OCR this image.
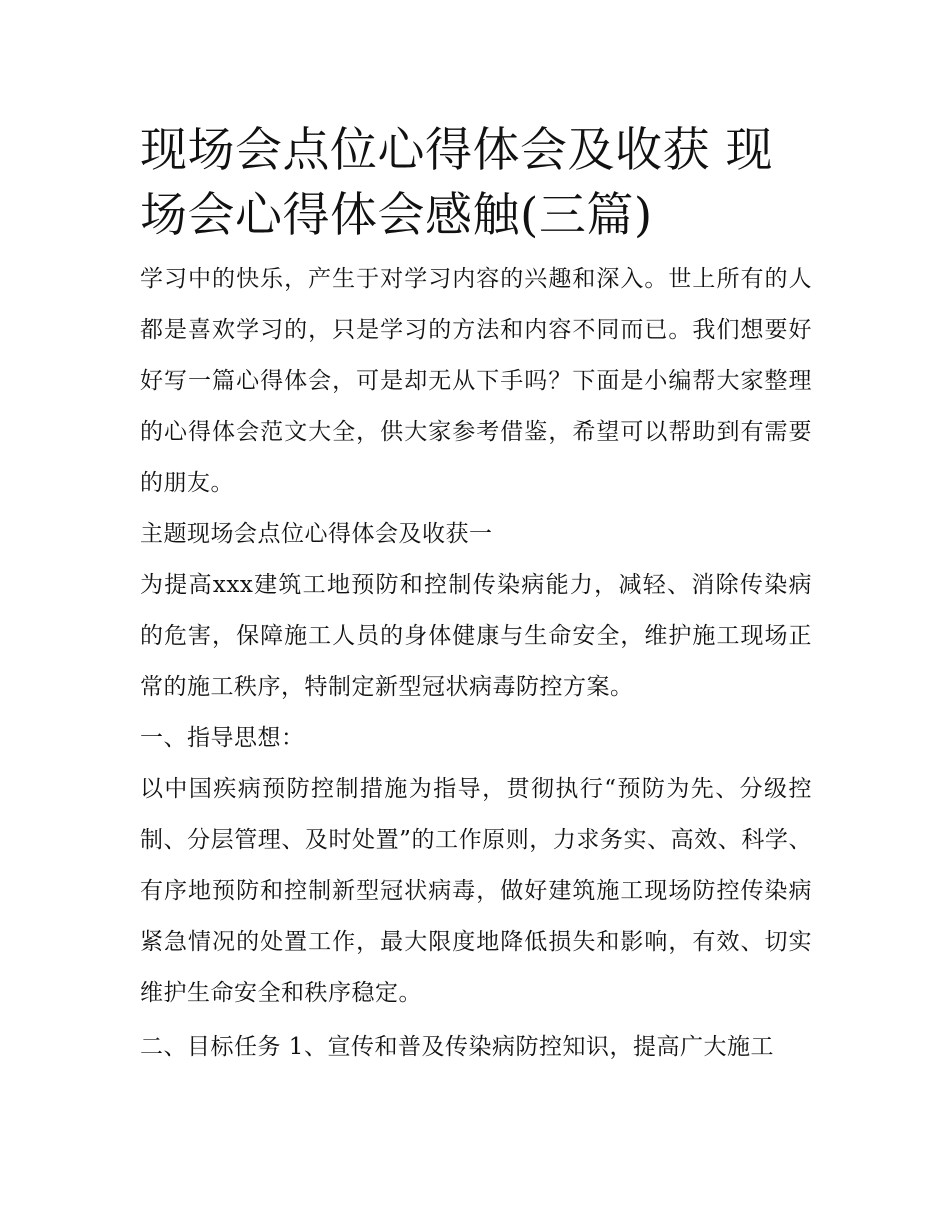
现场会点位心得体会及收获 现场会心得体会感触(三篇)

学习中的快乐，产生于对学习内容的兴趣和深入。世上所有的人都是喜欢学习的，只是学习的方法和内容不同而已。我们想要好好写一篇心得体会，可是却无从下手吗？下面是小编帮大家整理的心得体会范文大全，供大家参考借鉴，希望可以帮助到有需要的朋友。

主题现场会点位心得体会及收获一

为提高xxx建筑工地预防和控制传染病能力，减轻、消除传染病的危害，保障施工人员的身体健康与生命安全，维护施工现场正常的施工秩序，特制定新型冠状病毒防控方案。

一、指导思想：

以中国疾病预防控制措施为指导，贯彻执行“预防为先、分级控制、分层管理、及时处置”的工作原则，力求务实、高效、科学、有序地预防和控制新型冠状病毒，做好建筑施工现场防控传染病紧急情况的处置工作，最大限度地降低损失和影响，有效、切实维护生命安全和秩序稳定。

二、目标任务 1、宣传和普及传染病防控知识，提高广大施工
